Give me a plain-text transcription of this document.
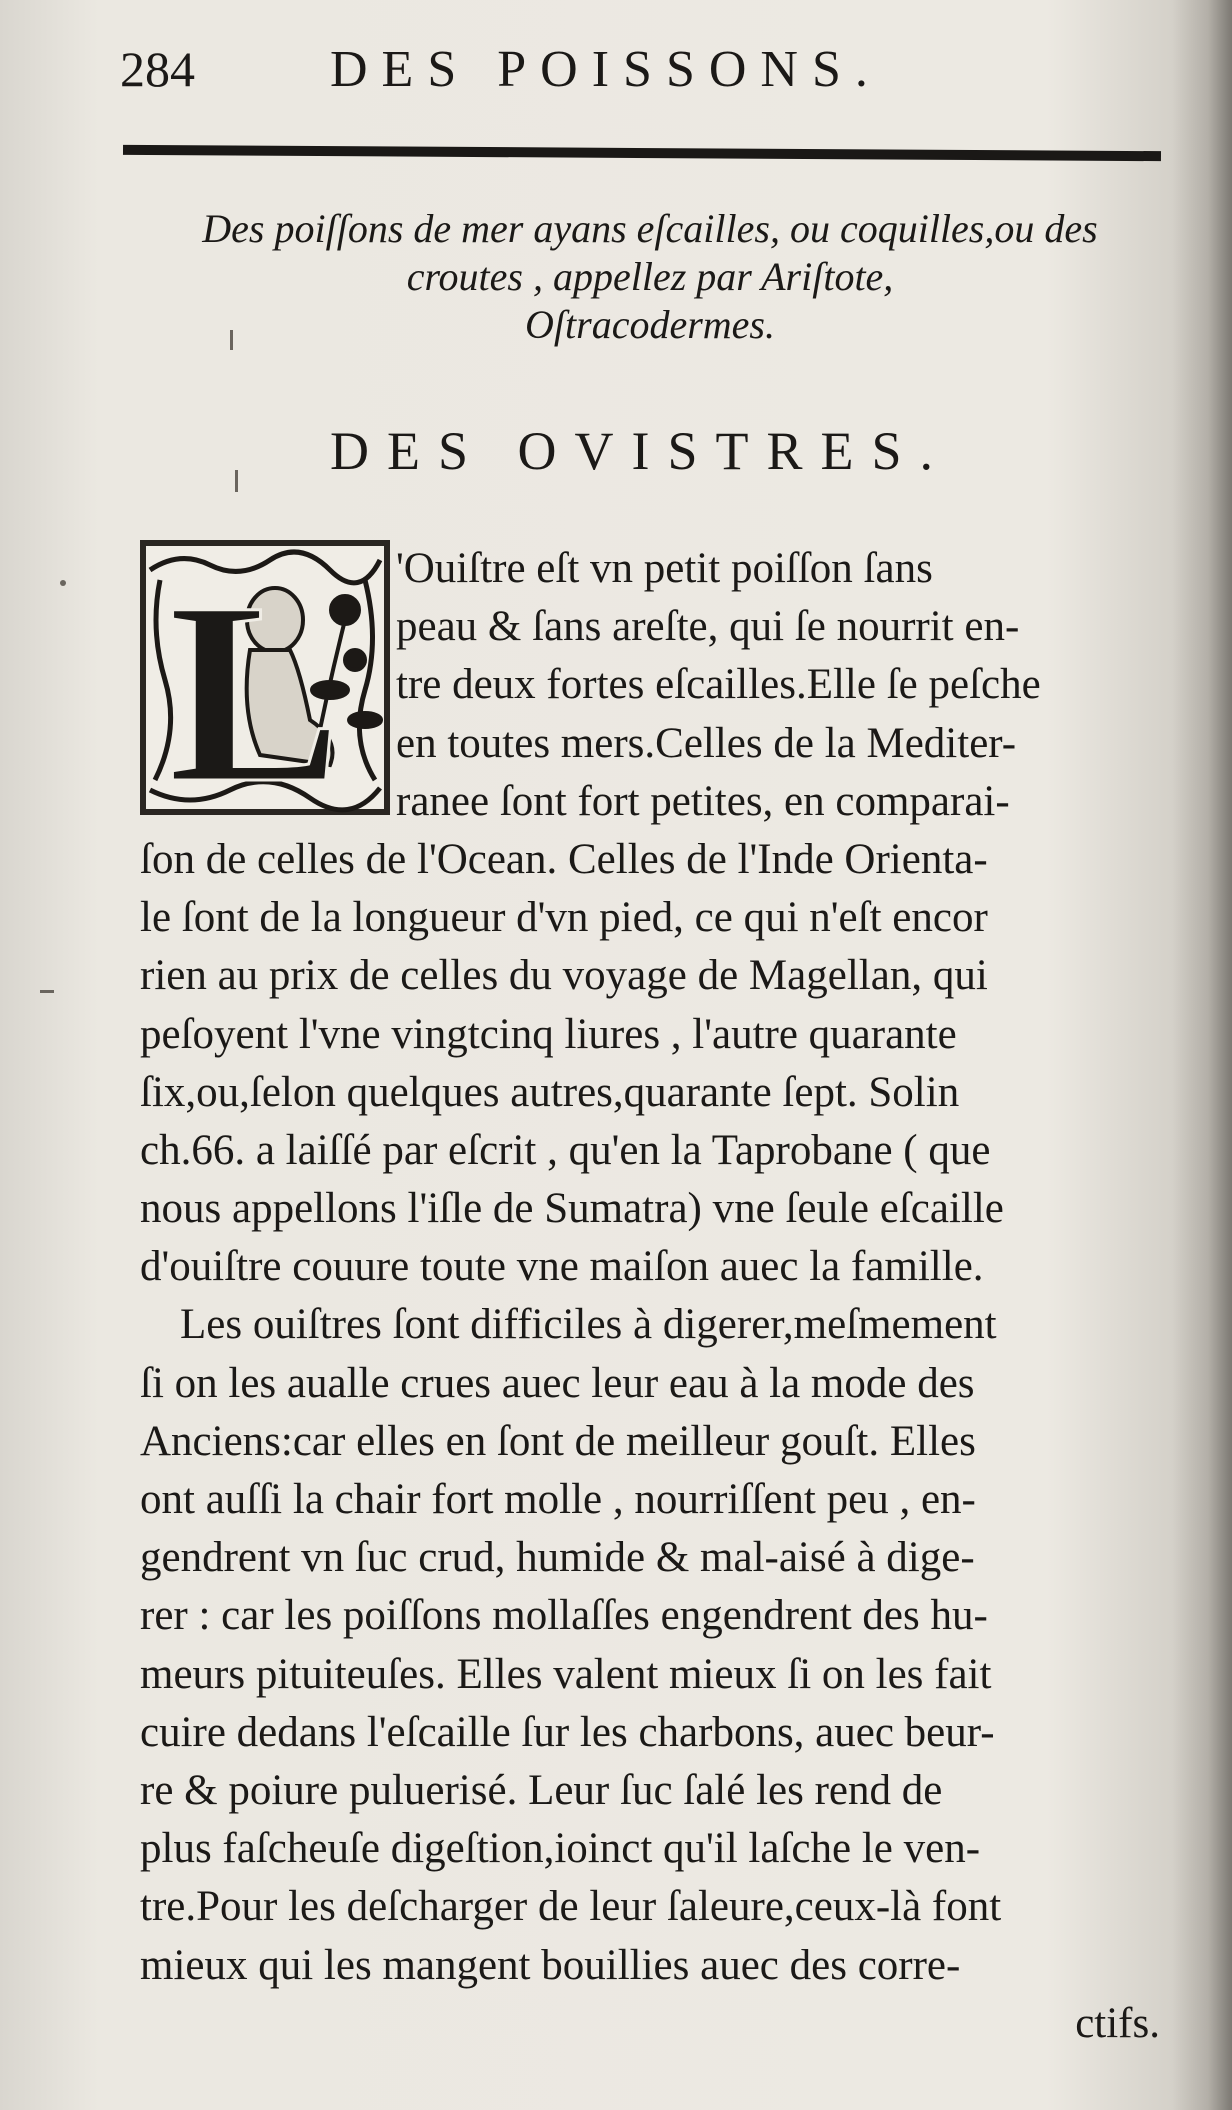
284	DES POISSONS.
Des poiſſons de mer ayans eſcailles, ou coquilles,ou des
croutes , appellez par Ariſtote,
Oſtracodermes.
DES OVISTRES.
L	'Ouiſtre eſt vn petit poiſſon ſans
peau & ſans areſte, qui ſe nourrit en-
tre deux fortes eſcailles.Elle ſe peſche
en toutes mers.Celles de la Mediter-
ranee ſont fort petites, en comparai-
ſon de celles de l'Ocean. Celles de l'Inde Orienta-
le ſont de la longueur d'vn pied, ce qui n'eſt encor
rien au prix de celles du voyage de Magellan, qui
peſoyent l'vne vingtcinq liures , l'autre quarante
ſix,ou,ſelon quelques autres,quarante ſept. Solin
ch.66. a laiſſé par eſcrit , qu'en la Taprobane ( que
nous appellons l'iſle de Sumatra) vne ſeule eſcaille
d'ouiſtre couure toute vne maiſon auec la famille.
Les ouiſtres ſont difficiles à digerer,meſmement
ſi on les aualle crues auec leur eau à la mode des
Anciens:car elles en ſont de meilleur gouſt. Elles
ont auſſi la chair fort molle , nourriſſent peu , en-
gendrent vn ſuc crud, humide & mal-aisé à dige-
rer : car les poiſſons mollaſſes engendrent des hu-
meurs pituiteuſes. Elles valent mieux ſi on les fait
cuire dedans l'eſcaille ſur les charbons, auec beur-
re & poiure puluerisé. Leur ſuc ſalé les rend de
plus faſcheuſe digeſtion,ioinct qu'il laſche le ven-
tre.Pour les deſcharger de leur ſaleure,ceux-là font
mieux qui les mangent bouillies auec des corre-
ctifs.
